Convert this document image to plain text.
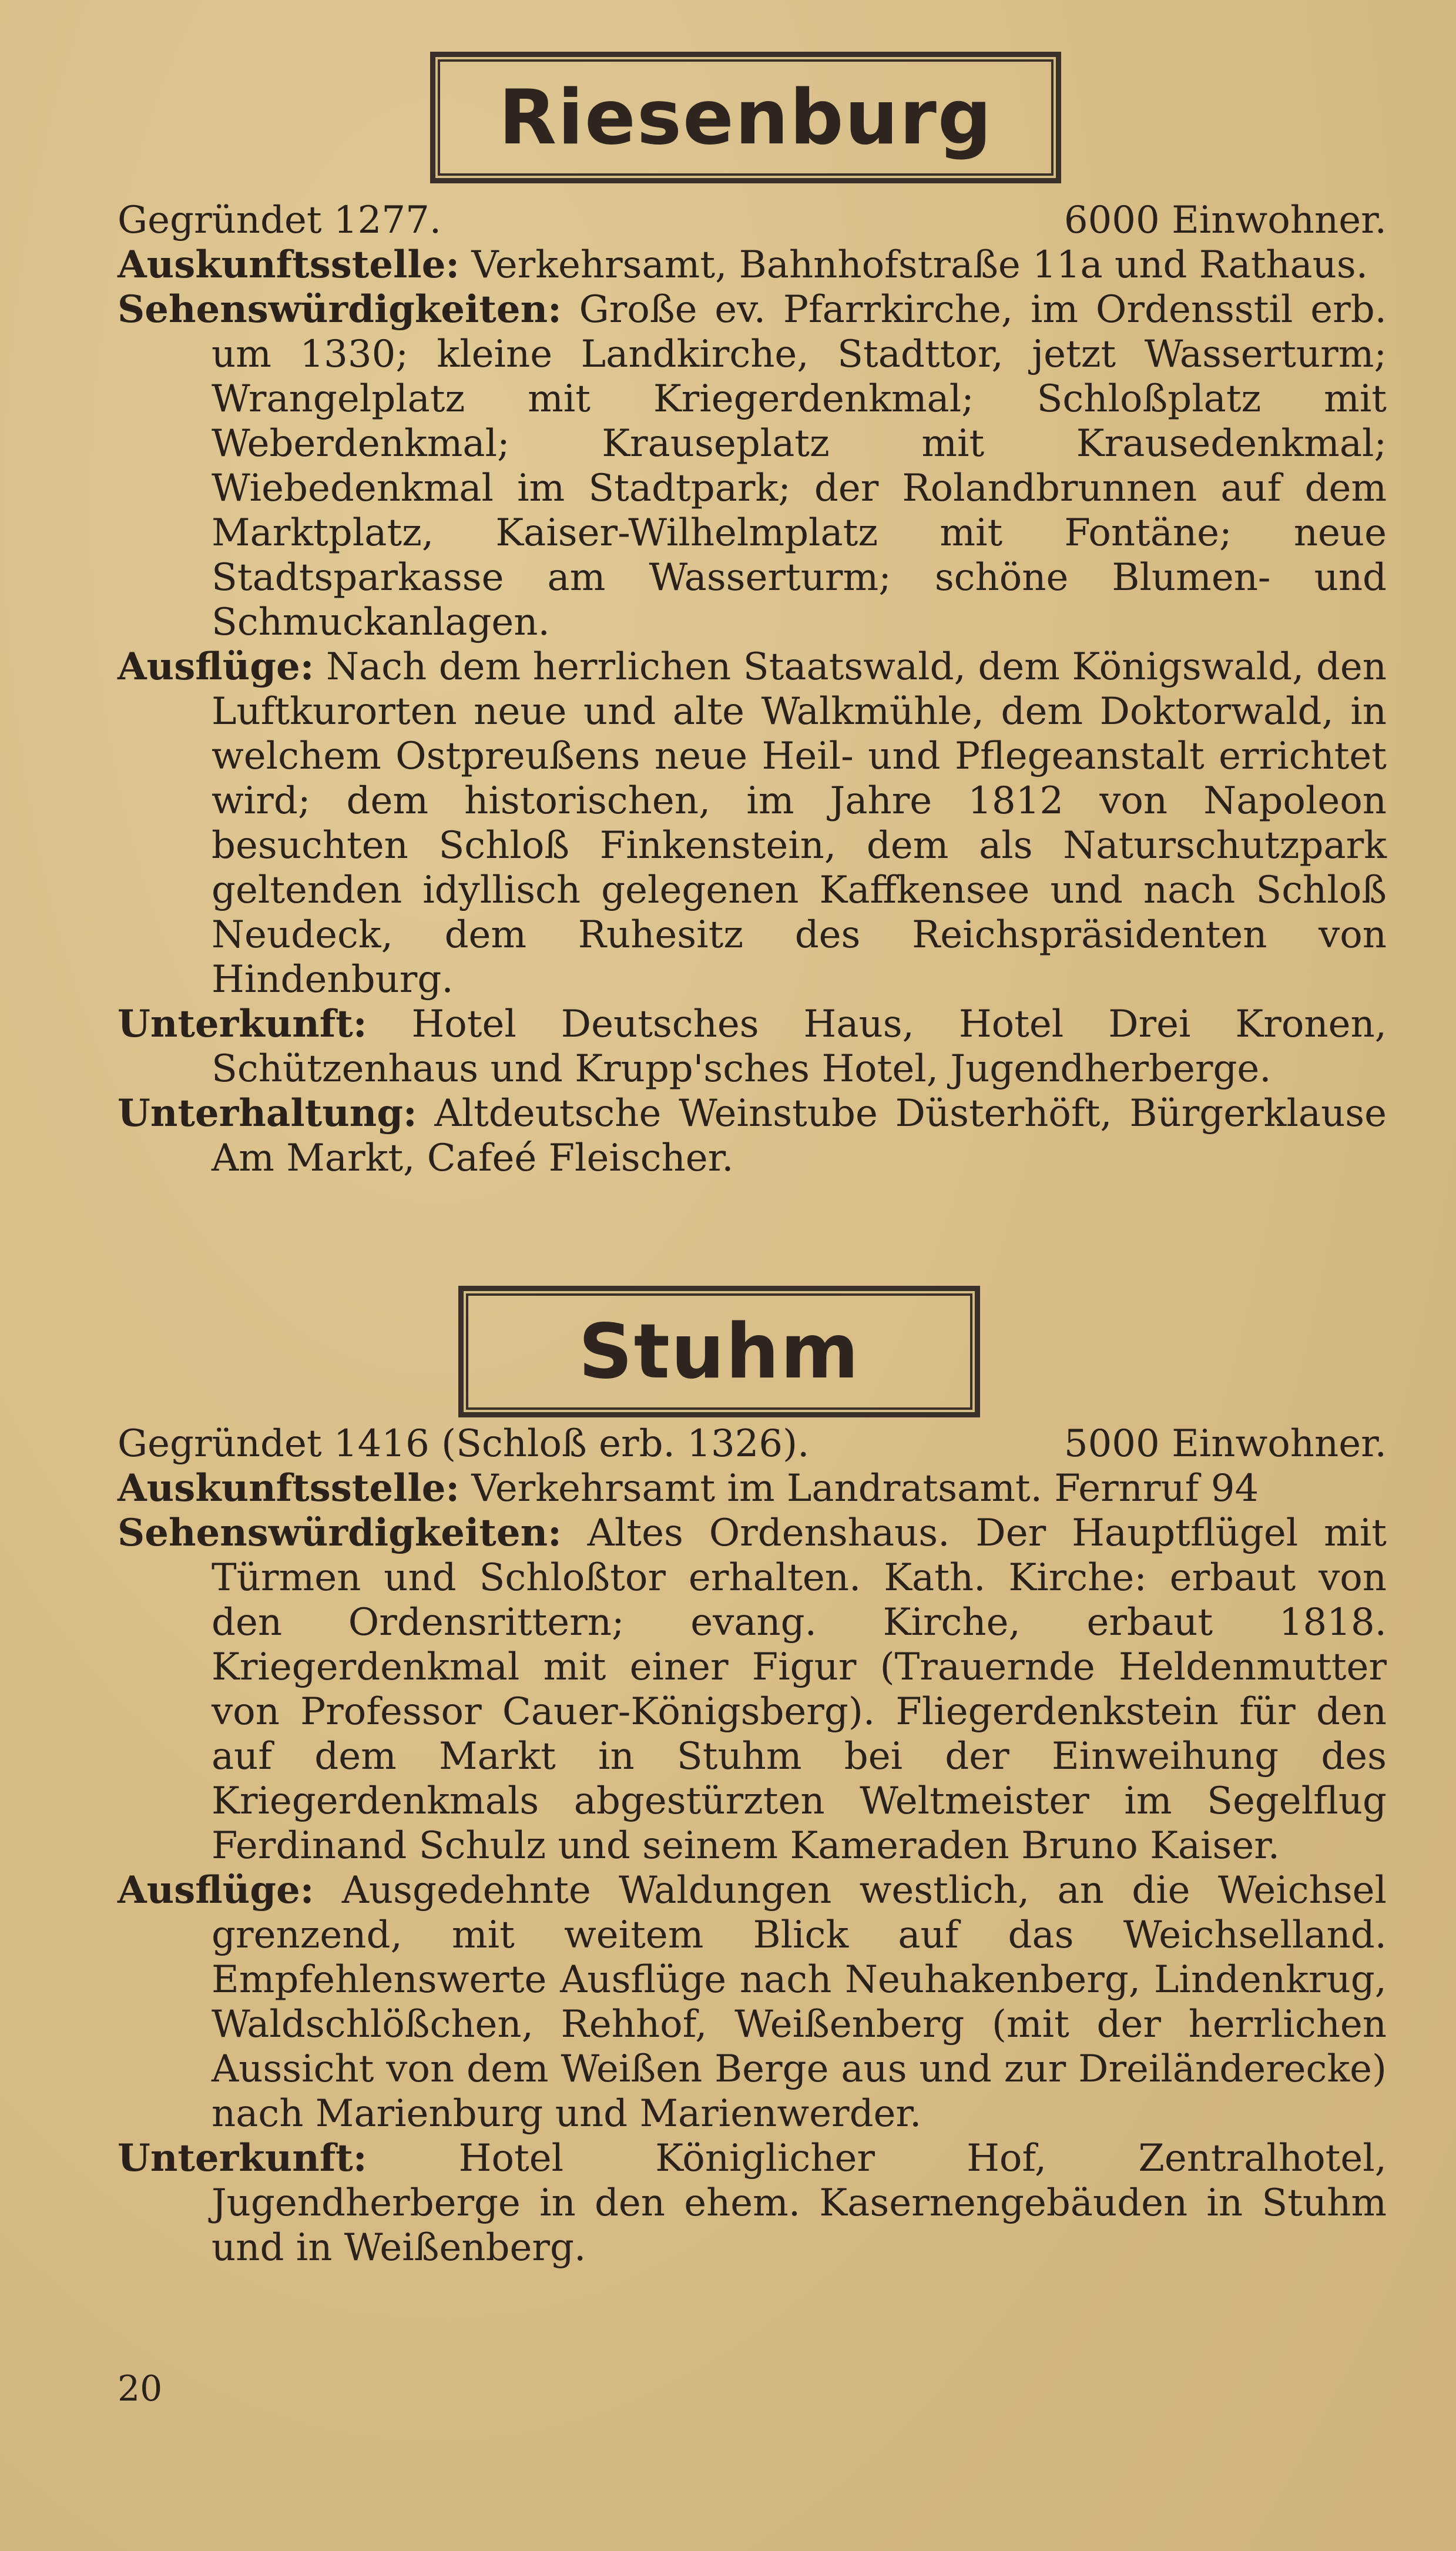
Riesenburg
Gegründet 1277.	6000 Einwohner.
Auskunftsstelle: Verkehrsamt, Bahnhofstraße 11a und Rathaus.
Sehenswürdigkeiten: Große ev. Pfarrkirche, im Ordensstil erb. um 1330; kleine Landkirche, Stadttor, jetzt Wasserturm; Wrangelplatz mit Kriegerdenkmal; Schloßplatz mit Weberdenkmal; Krauseplatz mit Krausedenkmal; Wiebedenkmal im Stadtpark; der Rolandbrunnen auf dem Marktplatz, Kaiser-Wilhelmplatz mit Fontäne; neue Stadtsparkasse am Wasserturm; schöne Blumen- und Schmuckanlagen.
Ausflüge: Nach dem herrlichen Staatswald, dem Königswald, den Luftkurorten neue und alte Walkmühle, dem Doktorwald, in welchem Ostpreußens neue Heil- und Pflegeanstalt errichtet wird; dem historischen, im Jahre 1812 von Napoleon besuchten Schloß Finkenstein, dem als Naturschutzpark geltenden idyllisch gelegenen Kaffkensee und nach Schloß Neudeck, dem Ruhesitz des Reichspräsidenten von Hindenburg.
Unterkunft: Hotel Deutsches Haus, Hotel Drei Kronen, Schützenhaus und Krupp'sches Hotel, Jugendherberge.
Unterhaltung: Altdeutsche Weinstube Düsterhöft, Bürgerklause Am Markt, Cafeé Fleischer.
Stuhm
Gegründet 1416 (Schloß erb. 1326).	5000 Einwohner.
Auskunftsstelle: Verkehrsamt im Landratsamt. Fernruf 94
Sehenswürdigkeiten: Altes Ordenshaus. Der Hauptflügel mit Türmen und Schloßtor erhalten. Kath. Kirche: erbaut von den Ordensrittern; evang. Kirche, erbaut 1818. Kriegerdenkmal mit einer Figur (Trauernde Heldenmutter von Professor Cauer-Königsberg). Fliegerdenkstein für den auf dem Markt in Stuhm bei der Einweihung des Kriegerdenkmals abgestürzten Weltmeister im Segelflug Ferdinand Schulz und seinem Kameraden Bruno Kaiser.
Ausflüge: Ausgedehnte Waldungen westlich, an die Weichsel grenzend, mit weitem Blick auf das Weichselland. Empfehlenswerte Ausflüge nach Neuhakenberg, Lindenkrug, Waldschlößchen, Rehhof, Weißenberg (mit der herrlichen Aussicht von dem Weißen Berge aus und zur Dreiländerecke) nach Marienburg und Marienwerder.
Unterkunft: Hotel Königlicher Hof, Zentralhotel, Jugendherberge in den ehem. Kasernengebäuden in Stuhm und in Weißenberg.
20
